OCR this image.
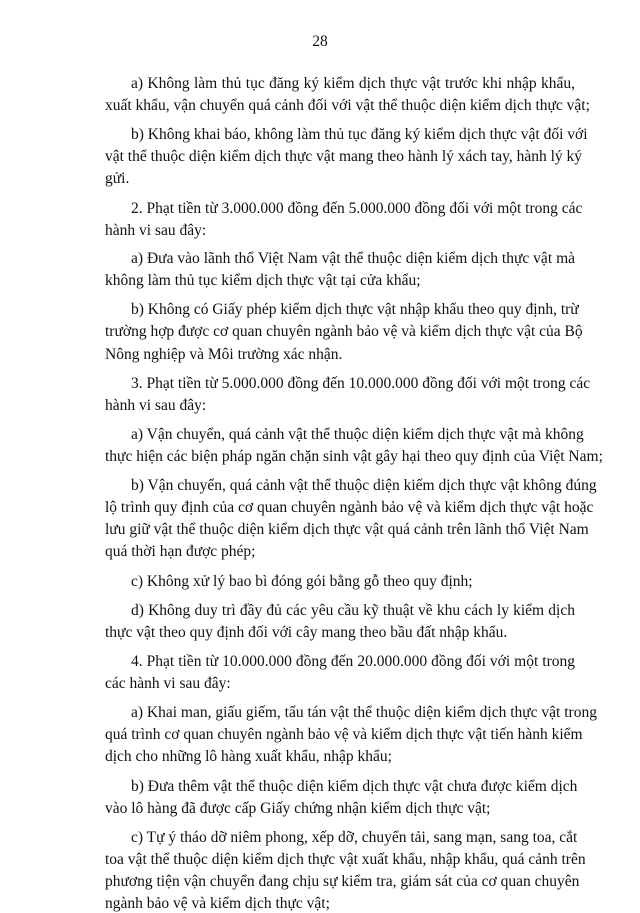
28
a) Không làm thủ tục đăng ký kiểm dịch thực vật trước khi nhập khẩu,
xuất khẩu, vận chuyển quá cảnh đối với vật thể thuộc diện kiểm dịch thực vật;
b) Không khai báo, không làm thủ tục đăng ký kiểm dịch thực vật đối với
vật thể thuộc diện kiểm dịch thực vật mang theo hành lý xách tay, hành lý ký
gửi.
2. Phạt tiền từ 3.000.000 đồng đến 5.000.000 đồng đối với một trong các
hành vi sau đây:
a) Đưa vào lãnh thổ Việt Nam vật thể thuộc diện kiểm dịch thực vật mà
không làm thủ tục kiểm dịch thực vật tại cửa khẩu;
b) Không có Giấy phép kiểm dịch thực vật nhập khẩu theo quy định, trừ
trường hợp được cơ quan chuyên ngành bảo vệ và kiểm dịch thực vật của Bộ
Nông nghiệp và Môi trường xác nhận.
3. Phạt tiền từ 5.000.000 đồng đến 10.000.000 đồng đối với một trong các
hành vi sau đây:
a) Vận chuyển, quá cảnh vật thể thuộc diện kiểm dịch thực vật mà không
thực hiện các biện pháp ngăn chặn sinh vật gây hại theo quy định của Việt Nam;
b) Vận chuyển, quá cảnh vật thể thuộc diện kiểm dịch thực vật không đúng
lộ trình quy định của cơ quan chuyên ngành bảo vệ và kiểm dịch thực vật hoặc
lưu giữ vật thể thuộc diện kiểm dịch thực vật quá cảnh trên lãnh thổ Việt Nam
quá thời hạn được phép;
c) Không xử lý bao bì đóng gói bằng gỗ theo quy định;
d) Không duy trì đầy đủ các yêu cầu kỹ thuật về khu cách ly kiểm dịch
thực vật theo quy định đối với cây mang theo bầu đất nhập khẩu.
4. Phạt tiền từ 10.000.000 đồng đến 20.000.000 đồng đối với một trong
các hành vi sau đây:
a) Khai man, giấu giếm, tẩu tán vật thể thuộc diện kiểm dịch thực vật trong
quá trình cơ quan chuyên ngành bảo vệ và kiểm dịch thực vật tiến hành kiểm
dịch cho những lô hàng xuất khẩu, nhập khẩu;
b) Đưa thêm vật thể thuộc diện kiểm dịch thực vật chưa được kiểm dịch
vào lô hàng đã được cấp Giấy chứng nhận kiểm dịch thực vật;
c) Tự ý tháo dỡ niêm phong, xếp dỡ, chuyển tải, sang mạn, sang toa, cắt
toa vật thể thuộc diện kiểm dịch thực vật xuất khẩu, nhập khẩu, quá cảnh trên
phương tiện vận chuyển đang chịu sự kiểm tra, giám sát của cơ quan chuyên
ngành bảo vệ và kiểm dịch thực vật;
